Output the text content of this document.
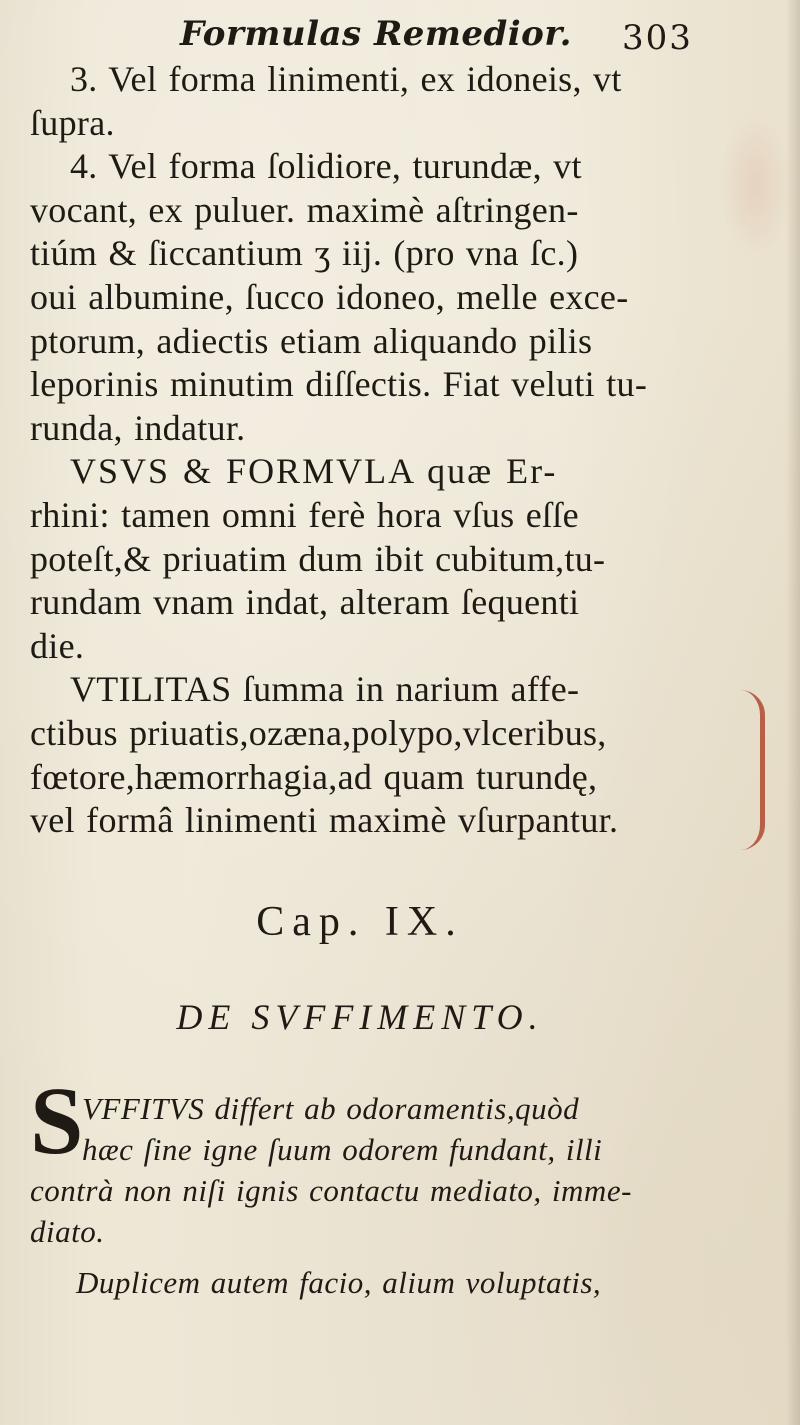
Formulas Remedior. 303
3. Vel forma linimenti, ex idoneis, vt
ſupra.
4. Vel forma ſolidiore, turundæ, vt
vocant, ex puluer. maximè aſtringen-
tiúm & ſiccantium ʒ iij. (pro vna ſc.)
oui albumine, ſucco idoneo, melle exce-
ptorum, adiectis etiam aliquando pilis
leporinis minutim diſſectis. Fiat veluti tu-
runda, indatur.
VSVS & FORMVLA quæ Er-
rhini: tamen omni ferè hora vſus eſſe
poteſt,& priuatim dum ibit cubitum,tu-
rundam vnam indat, alteram ſequenti
die.
VTILITAS ſumma in narium affe-
ctibus priuatis,ozæna,polypo,vlceribus,
fœtore,hæmorrhagia,ad quam turundę,
vel formâ linimenti maximè vſurpantur.
Cap. IX.
DE SVFFIMENTO.
S
VFFITVS differt ab odoramentis,quòd
hæc ſine igne ſuum odorem fundant, illi
contrà non niſi ignis contactu mediato, imme-
diato.
Duplicem autem facio, alium voluptatis,
